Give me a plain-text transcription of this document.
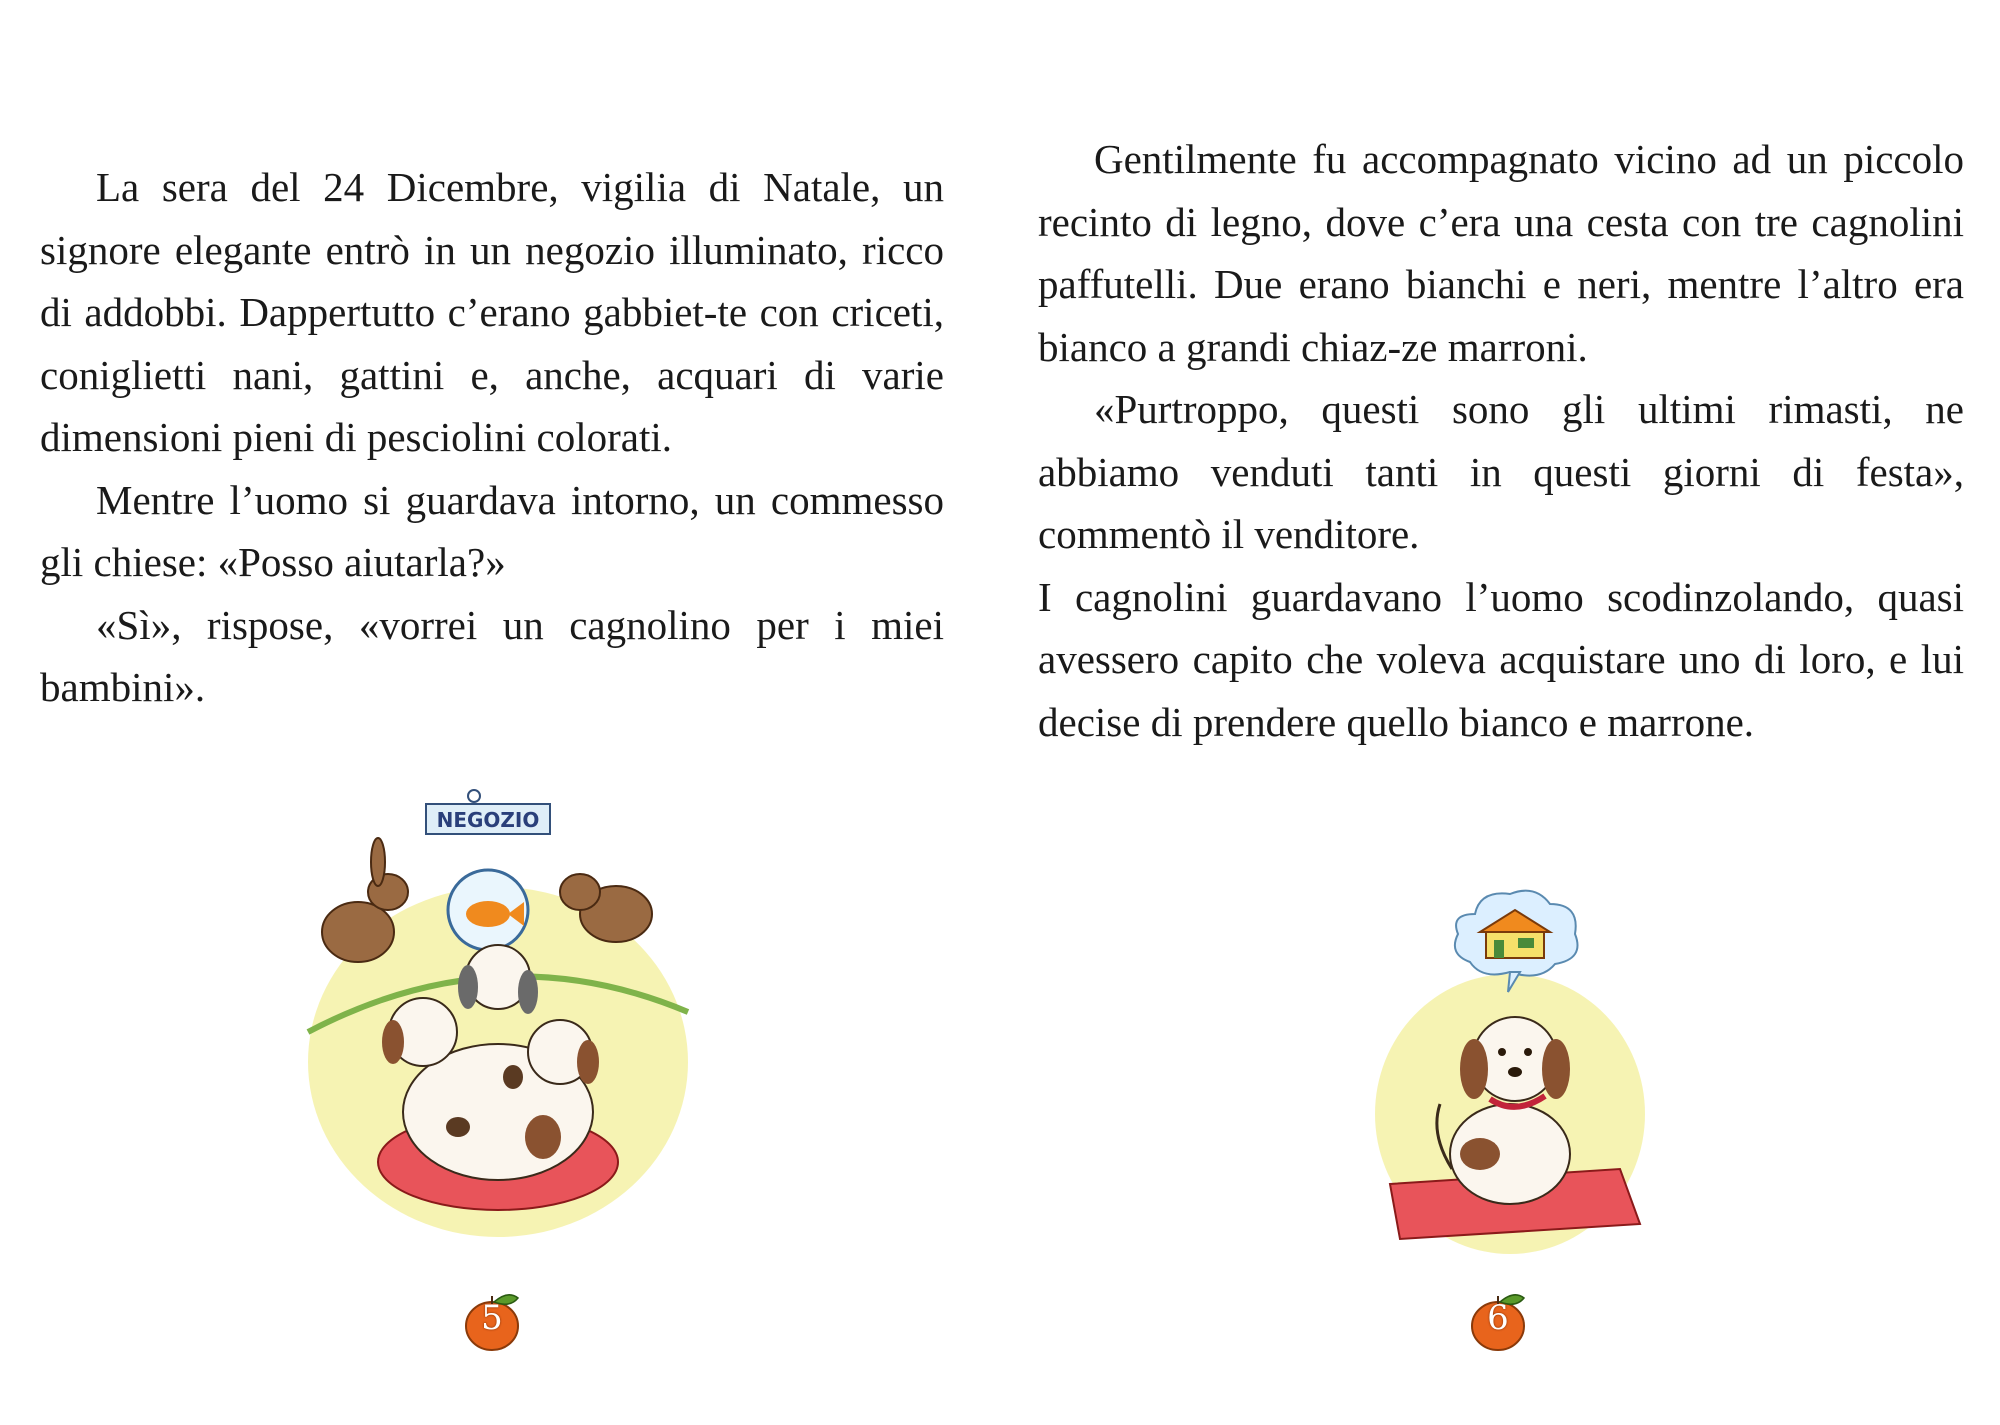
La sera del 24 Dicembre, vigilia di Natale, un signore elegante entrò in un negozio illuminato, ricco di addobbi. Dappertutto c’erano gabbiet-te con criceti, coniglietti nani, gattini e, anche, acquari di varie dimensioni pieni di pesciolini colorati.

Mentre l’uomo si guardava intorno, un commesso gli chiese: «Posso aiutarla?»

«Sì», rispose, «vorrei un cagnolino per i miei bambini».

NEGOZIO
5

Gentilmente fu accompagnato vicino ad un piccolo recinto di legno, dove c’era una cesta con tre cagnolini paffutelli. Due erano bianchi e neri, mentre l’altro era bianco a grandi chiaz-ze marroni.

«Purtroppo, questi sono gli ultimi rimasti, ne abbiamo venduti tanti in questi giorni di festa», commentò il venditore.

I cagnolini guardavano l’uomo scodinzolando, quasi avessero capito che voleva acquistare uno di loro, e lui decise di prendere quello bianco e marrone.

6
